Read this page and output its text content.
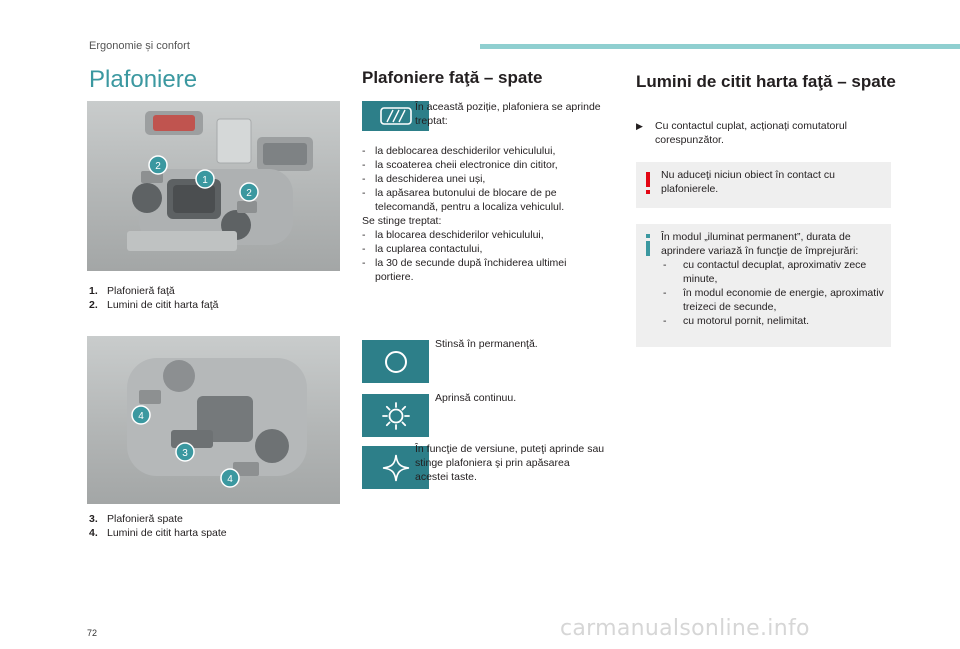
Ergonomie și confort
Plafoniere
2
1
2
1. Plafonieră faţă
2. Lumini de citit harta faţă
4
3
4
3. Plafonieră spate
4. Lumini de citit harta spate
Plafoniere faţă – spate
În această poziție, plafoniera se aprinde treptat:
- la deblocarea deschiderilor vehiculului,
- la scoaterea cheii electronice din cititor,
- la deschiderea unei uși,
- la apăsarea butonului de blocare de pe telecomandă, pentru a localiza vehiculul.
Se stinge treptat:
- la blocarea deschiderilor vehiculului,
- la cuplarea contactului,
- la 30 de secunde după închiderea ultimei portiere.
Stinsă în permanenţă.
Aprinsă continuu.
În funcţie de versiune, puteţi aprinde sau stinge plafoniera şi prin apăsarea acestei taste.
Lumini de citit harta faţă – spate
▶	Cu contactul cuplat, acționați comutatorul corespunzător.
Nu aduceţi niciun obiect în contact cu plafonierele.
În modul „iluminat permanent”, durata de aprindere variază în funcţie de împrejurări:
-	cu contactul decuplat, aproximativ zece minute,
-	în modul economie de energie, aproximativ treizeci de secunde,
-	cu motorul pornit, nelimitat.
72	carmanualsonline.info
